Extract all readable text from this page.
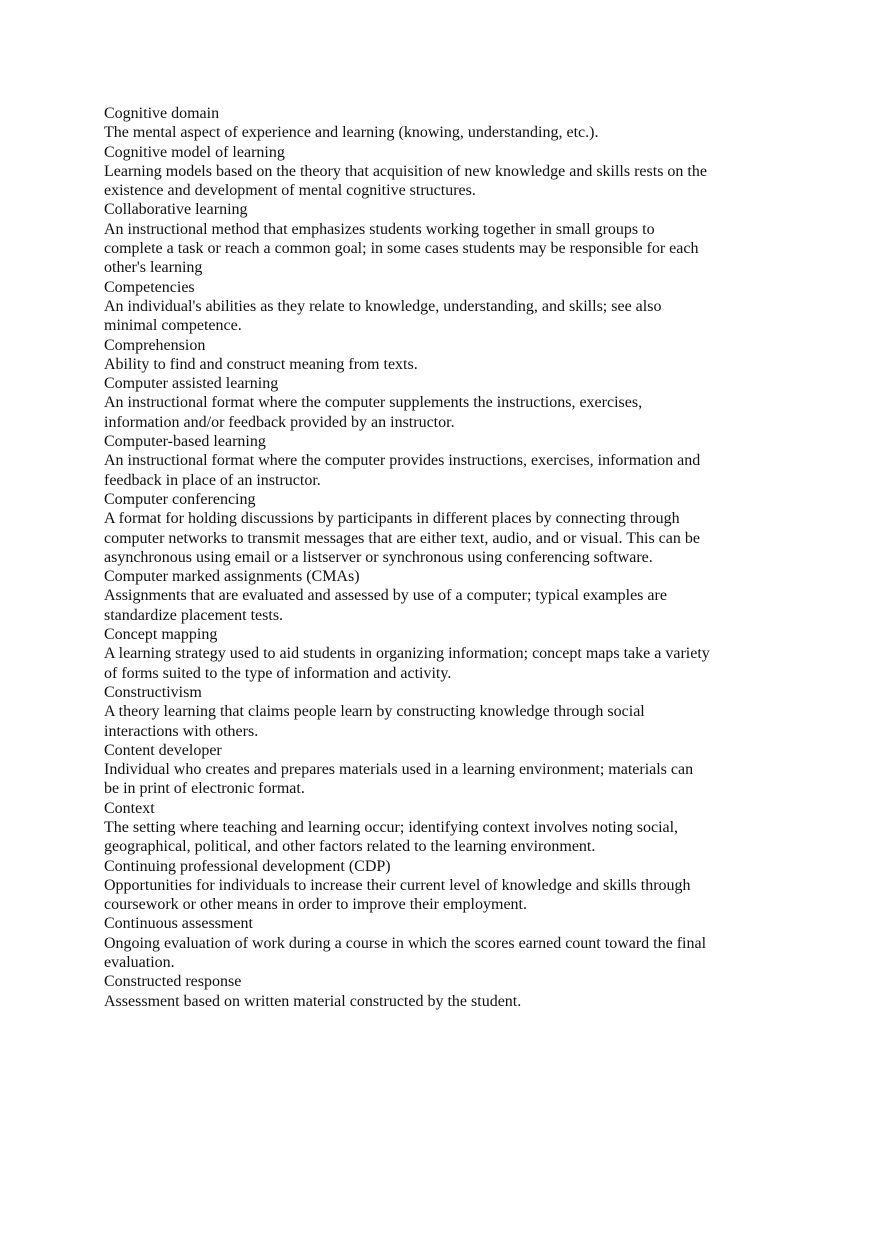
Cognitive domain
The mental aspect of experience and learning (knowing, understanding, etc.).
Cognitive model of learning
Learning models based on the theory that acquisition of new knowledge and skills rests on the existence and development of mental cognitive structures.
Collaborative learning
An instructional method that emphasizes students working together in small groups to complete a task or reach a common goal; in some cases students may be responsible for each other's learning
Competencies
An individual's abilities as they relate to knowledge, understanding, and skills; see also minimal competence.
Comprehension
Ability to find and construct meaning from texts.
Computer assisted learning
An instructional format where the computer supplements the instructions, exercises, information and/or feedback provided by an instructor.
Computer-based learning
An instructional format where the computer provides instructions, exercises, information and feedback in place of an instructor.
Computer conferencing
A format for holding discussions by participants in different places by connecting through computer networks to transmit messages that are either text, audio, and or visual. This can be asynchronous using email or a listserver or synchronous using conferencing software.
Computer marked assignments (CMAs)
Assignments that are evaluated and assessed by use of a computer; typical examples are standardize placement tests.
Concept mapping
A learning strategy used to aid students in organizing information; concept maps take a variety of forms suited to the type of information and activity.
Constructivism
A theory learning that claims people learn by constructing knowledge through social interactions with others.
Content developer
Individual who creates and prepares materials used in a learning environment; materials can be in print of electronic format.
Context
The setting where teaching and learning occur; identifying context involves noting social, geographical, political, and other factors related to the learning environment.
Continuing professional development (CDP)
Opportunities for individuals to increase their current level of knowledge and skills through coursework or other means in order to improve their employment.
Continuous assessment
Ongoing evaluation of work during a course in which the scores earned count toward the final evaluation.
Constructed response
Assessment based on written material constructed by the student.
